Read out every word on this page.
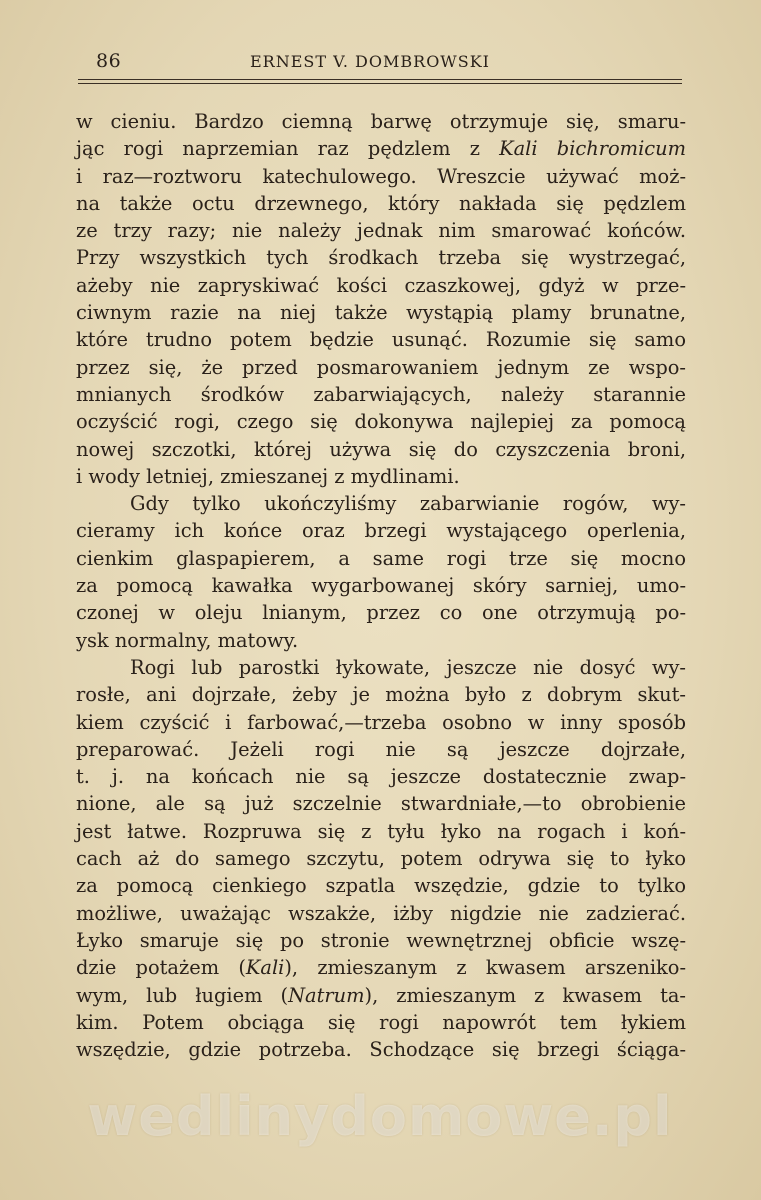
86	ERNEST V. DOMBROWSKI
w cieniu. Bardzo ciemną barwę otrzymuje się, smaru-
jąc rogi naprzemian raz pędzlem z Kali bichromicum
i raz—roztworu katechulowego. Wreszcie używać moż-
na także octu drzewnego, który nakłada się pędzlem
ze trzy razy; nie należy jednak nim smarować końców.
Przy wszystkich tych środkach trzeba się wystrzegać,
ażeby nie zapryskiwać kości czaszkowej, gdyż w prze-
ciwnym razie na niej także wystąpią plamy brunatne,
które trudno potem będzie usunąć. Rozumie się samo
przez się, że przed posmarowaniem jednym ze wspo-
mnianych środków zabarwiających, należy starannie
oczyścić rogi, czego się dokonywa najlepiej za pomocą
nowej szczotki, której używa się do czyszczenia broni,
i wody letniej, zmieszanej z mydlinami.
Gdy tylko ukończyliśmy zabarwianie rogów, wy-
cieramy ich końce oraz brzegi wystającego operlenia,
cienkim glaspapierem, a same rogi trze się mocno
za pomocą kawałka wygarbowanej skóry sarniej, umo-
czonej w oleju lnianym, przez co one otrzymują po-
ysk normalny, matowy.
Rogi lub parostki łykowate, jeszcze nie dosyć wy-
rosłe, ani dojrzałe, żeby je można było z dobrym skut-
kiem czyścić i farbować,—trzeba osobno w inny sposób
preparować. Jeżeli rogi nie są jeszcze dojrzałe,
t. j. na końcach nie są jeszcze dostatecznie zwap-
nione, ale są już szczelnie stwardniałe,—to obrobienie
jest łatwe. Rozpruwa się z tyłu łyko na rogach i koń-
cach aż do samego szczytu, potem odrywa się to łyko
za pomocą cienkiego szpatla wszędzie, gdzie to tylko
możliwe, uważając wszakże, iżby nigdzie nie zadzierać.
Łyko smaruje się po stronie wewnętrznej obficie wszę-
dzie potażem (Kali), zmieszanym z kwasem arszeniko-
wym, lub ługiem (Natrum), zmieszanym z kwasem ta-
kim. Potem obciąga się rogi napowrót tem łykiem
wszędzie, gdzie potrzeba. Schodzące się brzegi ściąga-
wedlinydomowe.pl
